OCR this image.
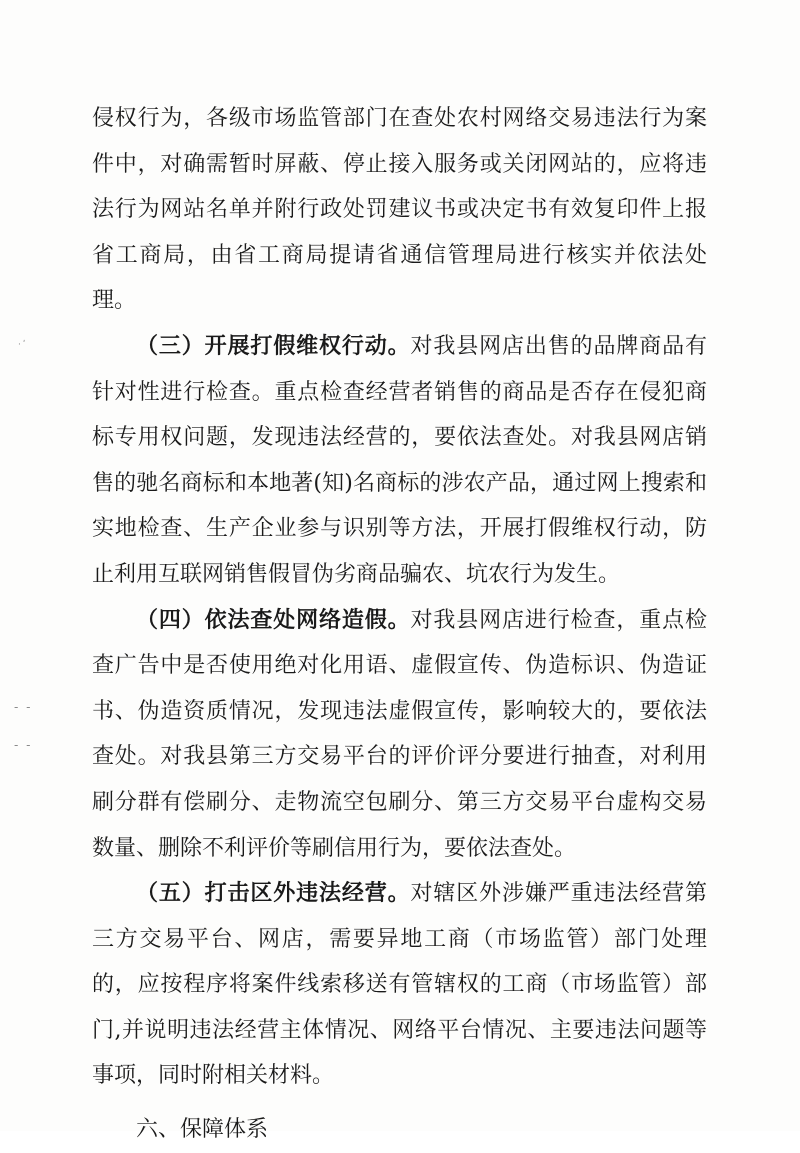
·ʹ
- -
- -

侵权行为，各级市场监管部门在查处农村网络交易违法行为案件中，对确需暂时屏蔽、停止接入服务或关闭网站的，应将违法行为网站名单并附行政处罚建议书或决定书有效复印件上报省工商局，由省工商局提请省通信管理局进行核实并依法处理。

（三）开展打假维权行动。对我县网店出售的品牌商品有针对性进行检查。重点检查经营者销售的商品是否存在侵犯商标专用权问题，发现违法经营的，要依法查处。对我县网店销售的驰名商标和本地著(知)名商标的涉农产品，通过网上搜索和实地检查、生产企业参与识别等方法，开展打假维权行动，防止利用互联网销售假冒伪劣商品骗农、坑农行为发生。

（四）依法查处网络造假。对我县网店进行检查，重点检查广告中是否使用绝对化用语、虚假宣传、伪造标识、伪造证书、伪造资质情况，发现违法虚假宣传，影响较大的，要依法查处。对我县第三方交易平台的评价评分要进行抽查，对利用刷分群有偿刷分、走物流空包刷分、第三方交易平台虚构交易数量、删除不利评价等刷信用行为，要依法查处。

（五）打击区外违法经营。对辖区外涉嫌严重违法经营第三方交易平台、网店，需要异地工商（市场监管）部门处理的，应按程序将案件线索移送有管辖权的工商（市场监管）部门,并说明违法经营主体情况、网络平台情况、主要违法问题等事项，同时附相关材料。

六、保障体系
